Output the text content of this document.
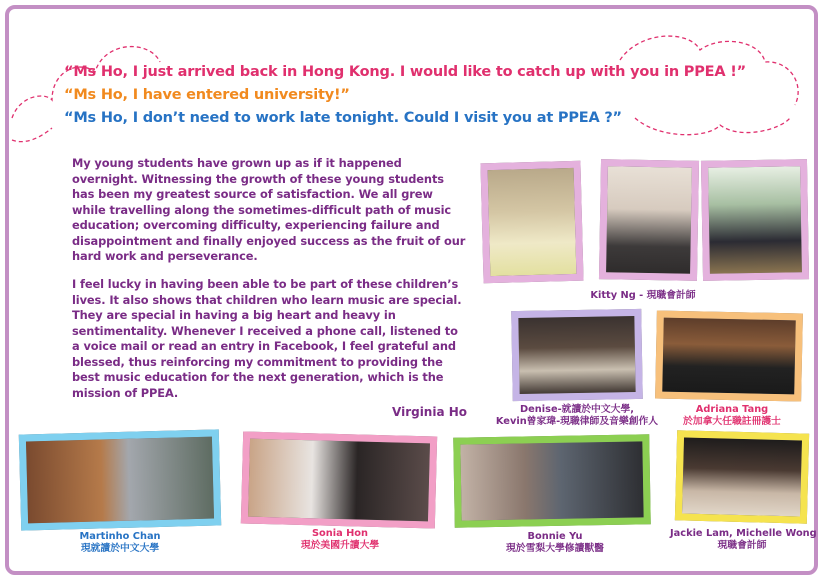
“Ms Ho, I just arrived back in Hong Kong. I would like to catch up with you in PPEA !”
“Ms Ho, I have entered university!”
“Ms Ho, I don’t need to work late tonight. Could I visit you at PPEA ?”
My young students have grown up as if it happened overnight. Witnessing the growth of these young students has been my greatest source of satisfaction. We all grew while travelling along the sometimes-difficult path of music education; overcoming difficulty, experiencing failure and disappointment and finally enjoyed success as the fruit of our hard work and perseverance.
I feel lucky in having been able to be part of these children’s lives. It also shows that children who learn music are special. They are special in having a big heart and heavy in sentimentality. Whenever I received a phone call, listened to a voice mail or read an entry in Facebook, I feel grateful and blessed, thus reinforcing my commitment to providing the best music education for the next generation, which is the mission of PPEA.
Virginia Ho
Kitty Ng - 現職會計師
Denise-就讀於中文大學,
Kevin曾家瑋-現職律師及音樂創作人
Adriana Tang
於加拿大任職註冊護士
Martinho Chan
現就讀於中文大學
Sonia Hon
現於美國升讀大學
Bonnie Yu
現於雪梨大學修讀獸醫
Jackie Lam, Michelle Wong
現職會計師
